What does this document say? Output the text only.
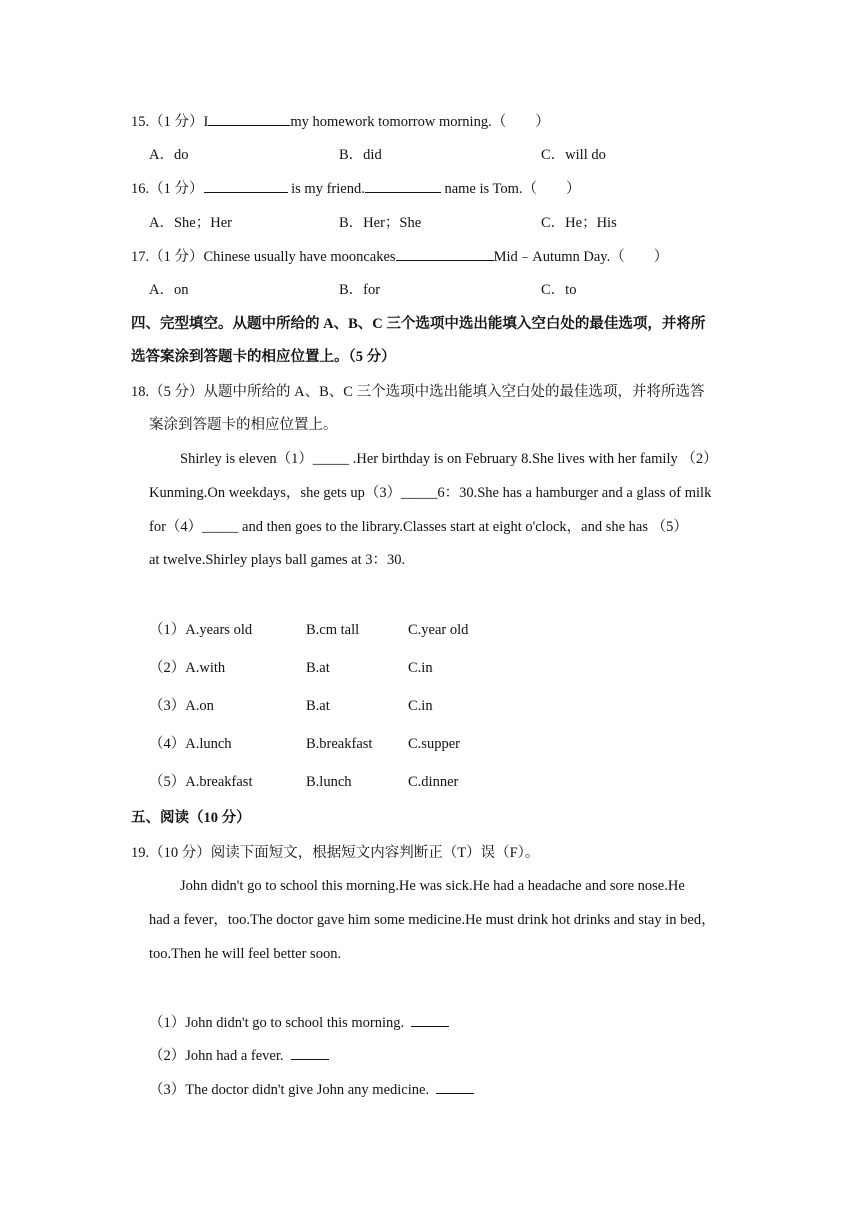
15.（1 分）I	my homework tomorrow morning.（　　）
A．do	B．did	C．will do
16.（1 分）	is my friend.	name is Tom.（　　）
A．She；Her	B．Her；She	C．He；His
17.（1 分）Chinese usually have mooncakes	Mid﹣Autumn Day.（　　）
A．on	B．for	C．to
四、完型填空。从题中所给的 A、B、C 三个选项中选出能填入空白处的最佳选项，并将所
选答案涂到答题卡的相应位置上。（5 分）
18.（5 分）从题中所给的 A、B、C 三个选项中选出能填入空白处的最佳选项，并将所选答
案涂到答题卡的相应位置上。
Shirley is eleven（1）_____ .Her birthday is on February 8.She lives with her family （2）
Kunming.On weekdays，she gets up（3）_____6：30.She has a hamburger and a glass of milk
for（4）_____ and then goes to the library.Classes start at eight o'clock，and she has （5）
at twelve.Shirley plays ball games at 3：30.
（1）A.years old	B.cm tall	C.year old
（2）A.with	B.at	C.in
（3）A.on	B.at	C.in
（4）A.lunch	B.breakfast C.supper
（5）A.breakfast	B.lunch	C.dinner
五、阅读（10 分）
19.（10 分）阅读下面短文，根据短文内容判断正（T）误（F）。
John didn't go to school this morning.He was sick.He had a headache and sore nose.He
had a fever，too.The doctor gave him some medicine.He must drink hot drinks and stay in bed，
too.Then he will feel better soon.
（1）John didn't go to school this morning.
（2）John had a fever.
（3）The doctor didn't give John any medicine.
